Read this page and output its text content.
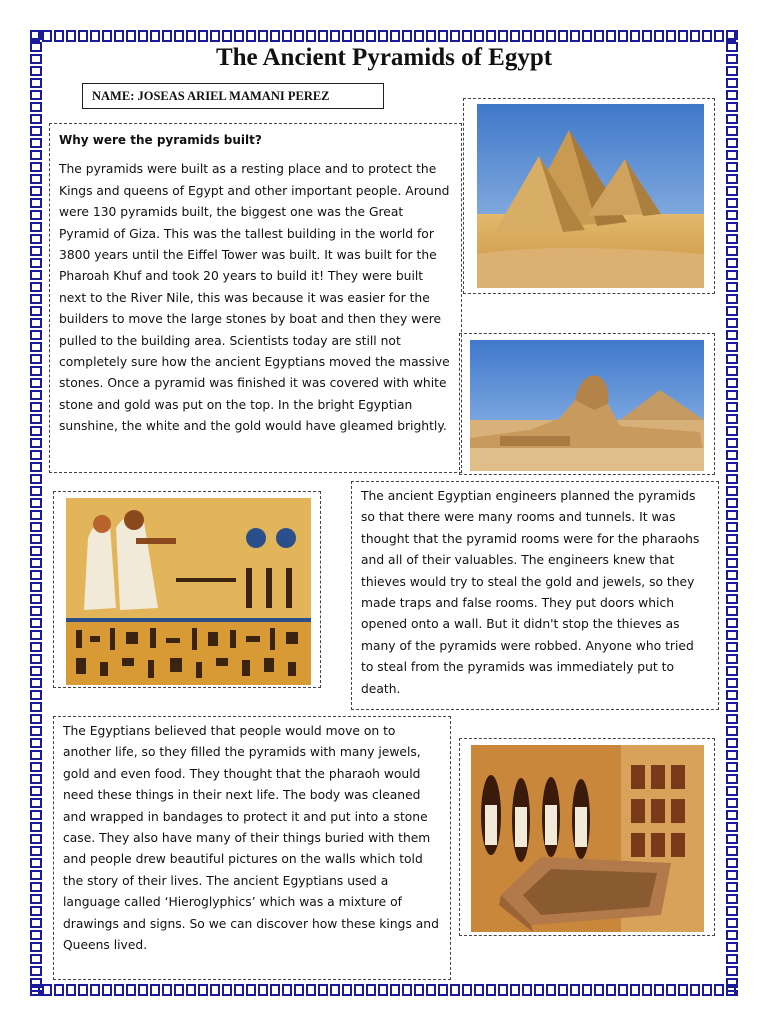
The Ancient Pyramids of Egypt
NAME: JOSEAS ARIEL MAMANI PEREZ

Why were the pyramids built?

The pyramids were built as a resting place and to protect the Kings and queens of Egypt and other important people. Around were 130 pyramids built, the biggest one was the Great Pyramid of Giza. This was the tallest building in the world for 3800 years until the Eiffel Tower was built. It was built for the Pharoah Khuf and took 20 years to build it! They were built next to the River Nile, this was because it was easier for the builders to move the large stones by boat and then they were pulled to the building area. Scientists today are still not completely sure how the ancient Egyptians moved the massive stones. Once a pyramid was finished it was covered with white stone and gold was put on the top. In the bright Egyptian sunshine, the white and the gold would have gleamed brightly.

The ancient Egyptian engineers planned the pyramids so that there were many rooms and tunnels. It was thought that the pyramid rooms were for the pharaohs and all of their valuables. The engineers knew that thieves would try to steal the gold and jewels, so they made traps and false rooms. They put doors which opened onto a wall. But it didn't stop the thieves as many of the pyramids were robbed. Anyone who tried to steal from the pyramids was immediately put to death.

The Egyptians believed that people would move on to another life, so they filled the pyramids with many jewels, gold and even food. They thought that the pharaoh would need these things in their next life. The body was cleaned and wrapped in bandages to protect it and put into a stone case. They also have many of their things buried with them and people drew beautiful pictures on the walls which told the story of their lives. The ancient Egyptians used a language called ‘Hieroglyphics’ which was a mixture of drawings and signs. So we can discover how these kings and Queens lived.
